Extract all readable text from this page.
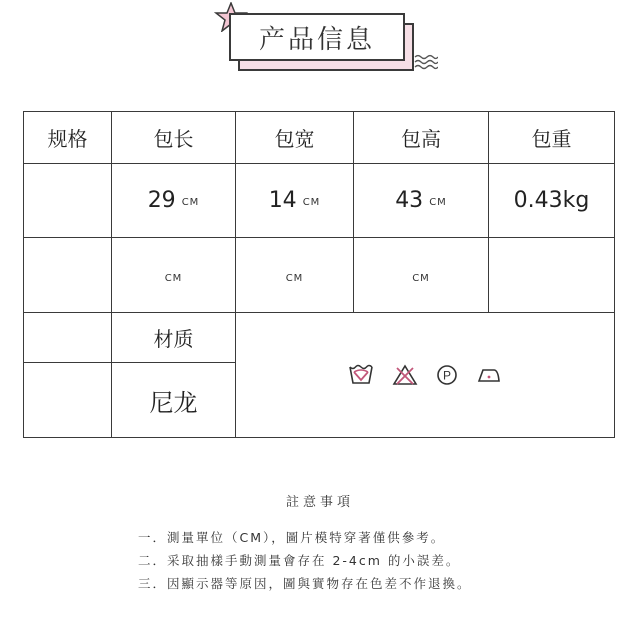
产品信息
规格	包长	包宽	包高	包重
	29 CM	14 CM	43 CM	0.43kg
	CM	CM	CM	
	材质	P		

	尼龙			
註意事項
一．測量單位（CM），圖片模特穿著僅供參考。
二．采取抽樣手動測量會存在 2-4cm 的小誤差。
三．因顯示器等原因，圖與實物存在色差不作退換。
